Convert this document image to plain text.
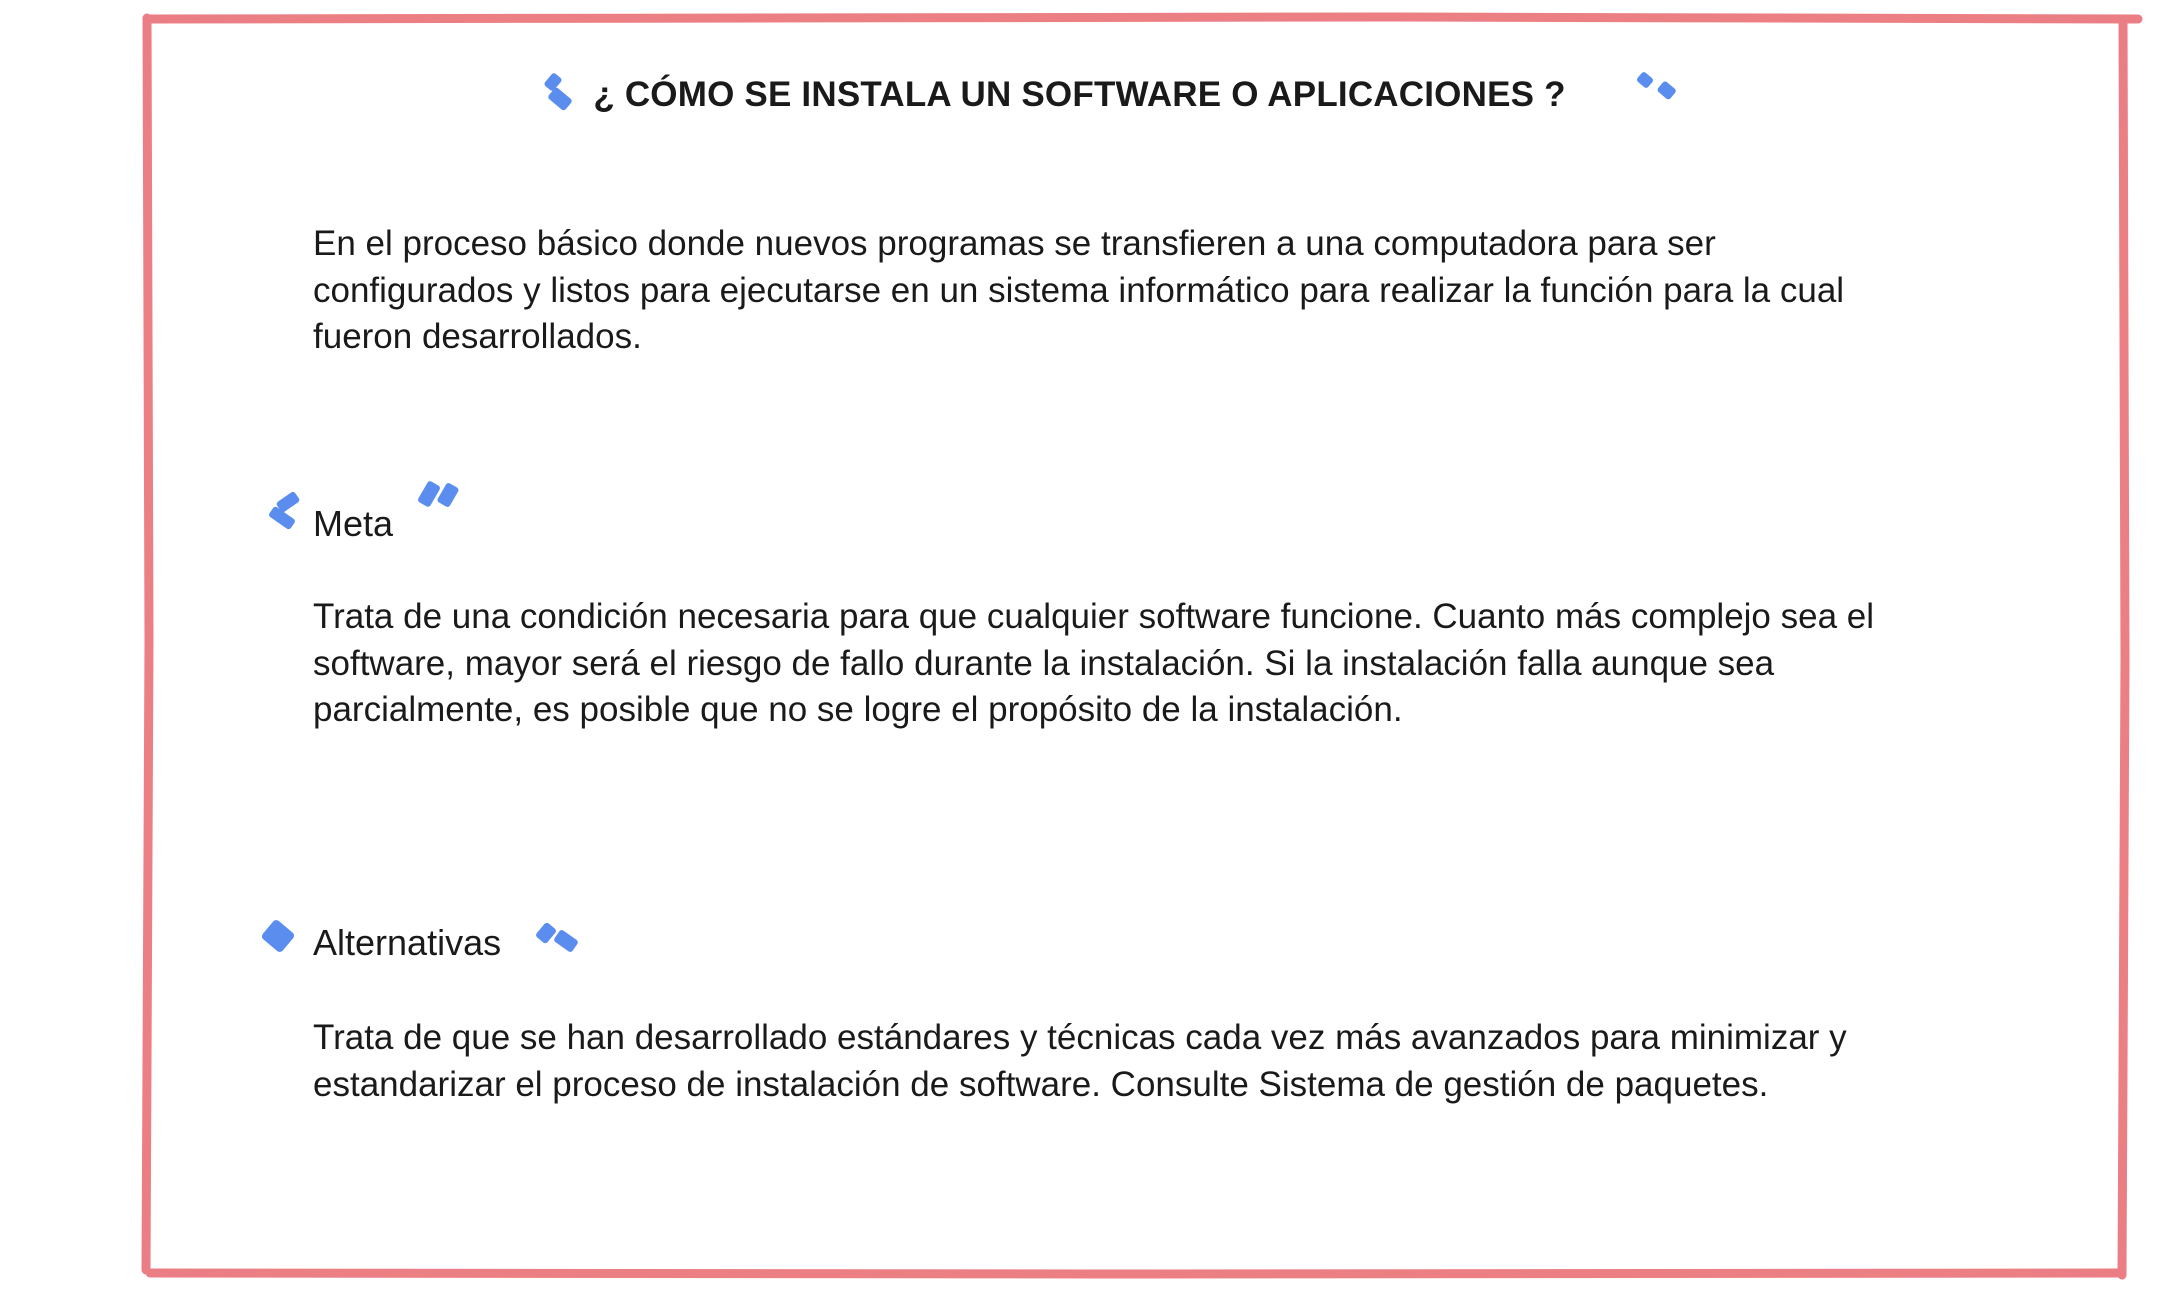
¿ CÓMO SE INSTALA UN SOFTWARE O APLICACIONES ?

En el proceso básico donde nuevos programas se transfieren a una computadora para ser configurados y listos para ejecutarse en un sistema informático para realizar la función para la cual fueron desarrollados.

Meta

Trata de una condición necesaria para que cualquier software funcione. Cuanto más complejo sea el software, mayor será el riesgo de fallo durante la instalación. Si la instalación falla aunque sea parcialmente, es posible que no se logre el propósito de la instalación.

Alternativas

Trata de que se han desarrollado estándares y técnicas cada vez más avanzados para minimizar y estandarizar el proceso de instalación de software. Consulte Sistema de gestión de paquetes.
